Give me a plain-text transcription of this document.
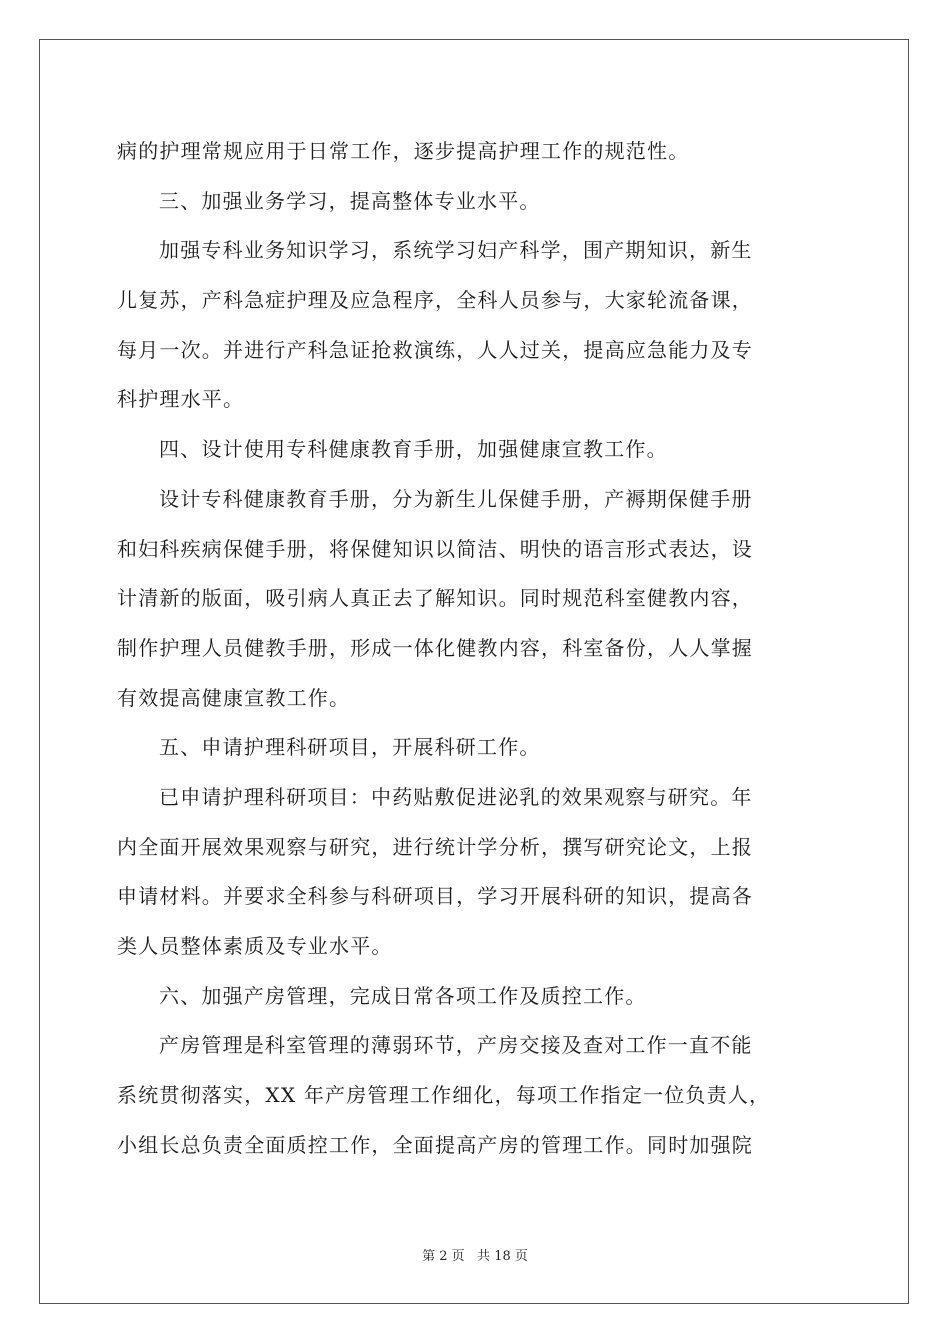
病的护理常规应用于日常工作，逐步提高护理工作的规范性。
三、加强业务学习，提高整体专业水平。
加强专科业务知识学习，系统学习妇产科学，围产期知识，新生
儿复苏，产科急症护理及应急程序，全科人员参与，大家轮流备课，
每月一次。并进行产科急证抢救演练，人人过关，提高应急能力及专
科护理水平。
四、设计使用专科健康教育手册，加强健康宣教工作。
设计专科健康教育手册，分为新生儿保健手册，产褥期保健手册
和妇科疾病保健手册，将保健知识以简洁、明快的语言形式表达，设
计清新的版面，吸引病人真正去了解知识。同时规范科室健教内容，
制作护理人员健教手册，形成一体化健教内容，科室备份，人人掌握
有效提高健康宣教工作。
五、申请护理科研项目，开展科研工作。
已申请护理科研项目：中药贴敷促进泌乳的效果观察与研究。年
内全面开展效果观察与研究，进行统计学分析，撰写研究论文，上报
申请材料。并要求全科参与科研项目，学习开展科研的知识，提高各
类人员整体素质及专业水平。
六、加强产房管理，完成日常各项工作及质控工作。
产房管理是科室管理的薄弱环节，产房交接及查对工作一直不能
系统贯彻落实，XX 年产房管理工作细化，每项工作指定一位负责人，
小组长总负责全面质控工作，全面提高产房的管理工作。同时加强院
第 2 页   共 18 页
